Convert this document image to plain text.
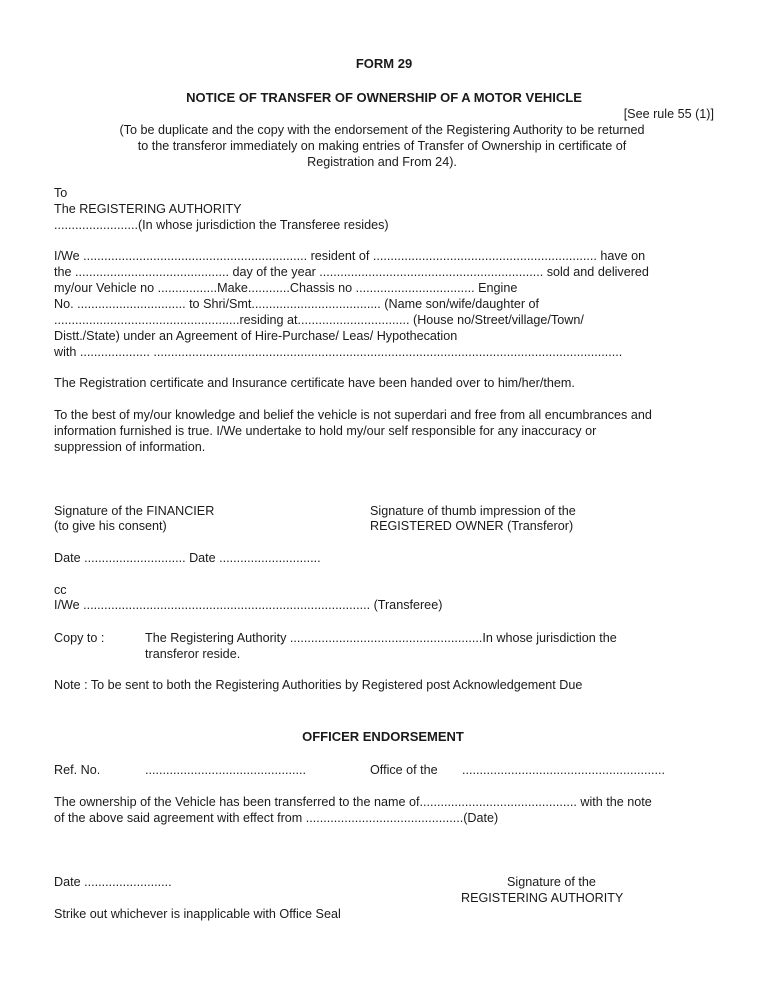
FORM 29
NOTICE OF TRANSFER OF OWNERSHIP OF A MOTOR VEHICLE
[See rule 55 (1)]
(To be duplicate and the copy with the endorsement of the Registering Authority to be returned
to the transferor immediately on making entries of Transfer of Ownership in certificate of
Registration and From 24).
To
The REGISTERING AUTHORITY
........................(In whose jurisdiction the Transferee resides)
I/We ................................................................ resident of ................................................................ have on
the ............................................ day of the year ................................................................ sold and delivered
my/our Vehicle no .................Make............Chassis no .................................. Engine
No. ............................... to Shri/Smt..................................... (Name son/wife/daughter of
.....................................................residing at................................ (House no/Street/village/Town/
Distt./State) under an Agreement of Hire-Purchase/ Leas/ Hypothecation
with .................... ......................................................................................................................................
The Registration certificate and Insurance certificate have been handed over to him/her/them.
To the best of my/our knowledge and belief the vehicle is not superdari and free from all encumbrances and
information furnished is true. I/We undertake to hold my/our self responsible for any inaccuracy or
suppression of information.
Signature of the FINANCIER
(to give his consent)
Signature of thumb impression of the
REGISTERED OWNER (Transferor)
Date ............................. Date .............................
cc
I/We .................................................................................. (Transferee)
Copy to :	The Registering Authority .......................................................In whose jurisdiction the
transferor reside.
Note : To be sent to both the Registering Authorities by Registered post Acknowledgement Due
OFFICER ENDORSEMENT
Ref. No.	..............................................	Office of the ..........................................................
The ownership of the Vehicle has been transferred to the name of............................................. with the note
of the above said agreement with effect from .............................................(Date)
Date .........................	Signature of the
REGISTERING AUTHORITY
Strike out whichever is inapplicable with Office Seal
